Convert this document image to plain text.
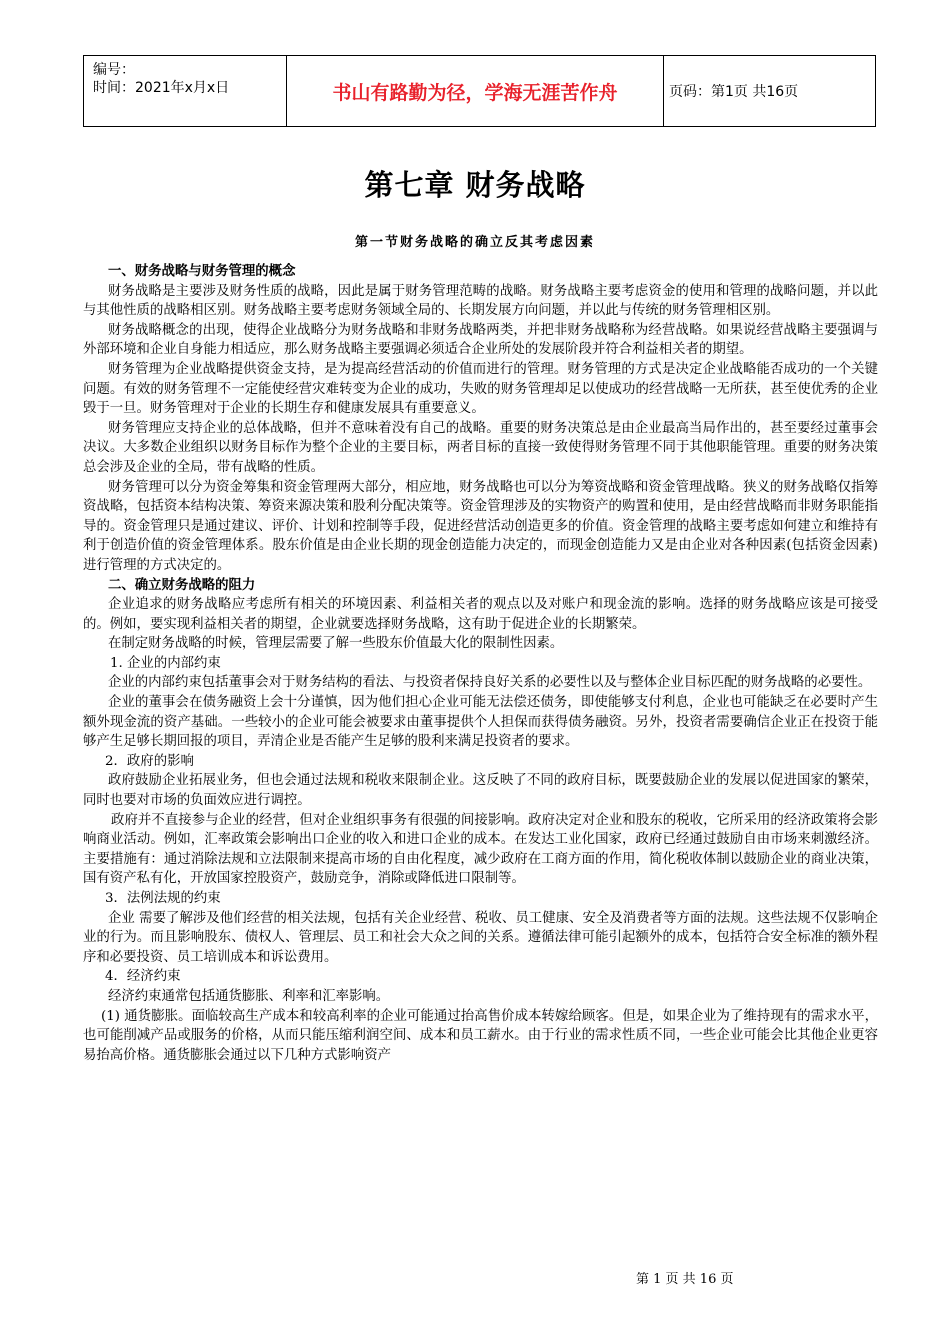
编号：
时间：2021年x月x日	书山有路勤为径，学海无涯苦作舟	页码：第1页 共16页
第七章 财务战略
第一节财务战略的确立反其考虑因素

一、财务战略与财务管理的概念

财务战略是主要涉及财务性质的战略，因此是属于财务管理范畴的战略。财务战略主要考虑资金的使用和管理的战略问题，并以此与其他性质的战略相区别。财务战略主要考虑财务领域全局的、长期发展方向问题，并以此与传统的财务管理相区别。

财务战略概念的出现，使得企业战略分为财务战略和非财务战略两类，并把非财务战略称为经营战略。如果说经营战略主要强调与外部环境和企业自身能力相适应，那么财务战略主要强调必须适合企业所处的发展阶段并符合利益相关者的期望。

财务管理为企业战略提供资金支持，是为提高经营活动的价值而进行的管理。财务管理的方式是决定企业战略能否成功的一个关键问题。有效的财务管理不一定能使经营灾难转变为企业的成功，失败的财务管理却足以使成功的经营战略一无所获，甚至使优秀的企业毁于一旦。财务管理对于企业的长期生存和健康发展具有重要意义。

财务管理应支持企业的总体战略，但并不意味着没有自己的战略。重要的财务决策总是由企业最高当局作出的，甚至要经过董事会决议。大多数企业组织以财务目标作为整个企业的主要目标，两者目标的直接一致使得财务管理不同于其他职能管理。重要的财务决策总会涉及企业的全局，带有战略的性质。

财务管理可以分为资金筹集和资金管理两大部分，相应地，财务战略也可以分为筹资战略和资金管理战略。狭义的财务战略仅指筹资战略，包括资本结构决策、筹资来源决策和股利分配决策等。资金管理涉及的实物资产的购置和使用，是由经营战略而非财务职能指导的。资金管理只是通过建议、评价、计划和控制等手段，促进经营活动创造更多的价值。资金管理的战略主要考虑如何建立和维持有利于创造价值的资金管理体系。股东价值是由企业长期的现金创造能力决定的，而现金创造能力又是由企业对各种因素(包括资金因素)进行管理的方式决定的。

二、确立财务战略的阻力

企业追求的财务战略应考虑所有相关的环境因素、利益相关者的观点以及对账户和现金流的影响。选择的财务战略应该是可接受的。例如，要实现利益相关者的期望，企业就要选择财务战略，这有助于促进企业的长期繁荣。

在制定财务战略的时候，管理层需要了解一些股东价值最大化的限制性因素。

1. 企业的内部约束

企业的内部约束包括董事会对于财务结构的看法、与投资者保持良好关系的必要性以及与整体企业目标匹配的财务战略的必要性。

企业的董事会在债务融资上会十分谨慎，因为他们担心企业可能无法偿还债务，即使能够支付利息，企业也可能缺乏在必要时产生额外现金流的资产基础。一些较小的企业可能会被要求由董事提供个人担保而获得债务融资。另外，投资者需要确信企业正在投资于能够产生足够长期回报的项目，弄清企业是否能产生足够的股利来满足投资者的要求。

2．政府的影响

政府鼓励企业拓展业务，但也会通过法规和税收来限制企业。这反映了不同的政府目标，既要鼓励企业的发展以促进国家的繁荣，同时也要对市场的负面效应进行调控。

政府并不直接参与企业的经营，但对企业组织事务有很强的间接影响。政府决定对企业和股东的税收，它所采用的经济政策将会影响商业活动。例如，汇率政策会影响出口企业的收入和进口企业的成本。在发达工业化国家，政府已经通过鼓励自由市场来刺激经济。主要措施有：通过消除法规和立法限制来提高市场的自由化程度，减少政府在工商方面的作用，简化税收体制以鼓励企业的商业决策，国有资产私有化，开放国家控股资产，鼓励竞争，消除或降低进口限制等。

3．法例法规的约束

企业 需要了解涉及他们经营的相关法规，包括有关企业经营、税收、员工健康、安全及消费者等方面的法规。这些法规不仅影响企业的行为。而且影响股东、债权人、管理层、员工和社会大众之间的关系。遵循法律可能引起额外的成本，包括符合安全标准的额外程序和必要投资、员工培训成本和诉讼费用。

4．经济约束

经济约束通常包括通货膨胀、利率和汇率影响。

(1) 通货膨胀。面临较高生产成本和较高利率的企业可能通过抬高售价成本转嫁给顾客。但是，如果企业为了维持现有的需求水平，也可能削减产品或服务的价格，从而只能压缩利润空间、成本和员工薪水。由于行业的需求性质不同，一些企业可能会比其他企业更容易抬高价格。通货膨胀会通过以下几种方式影响资产

第 1 页 共 16 页
